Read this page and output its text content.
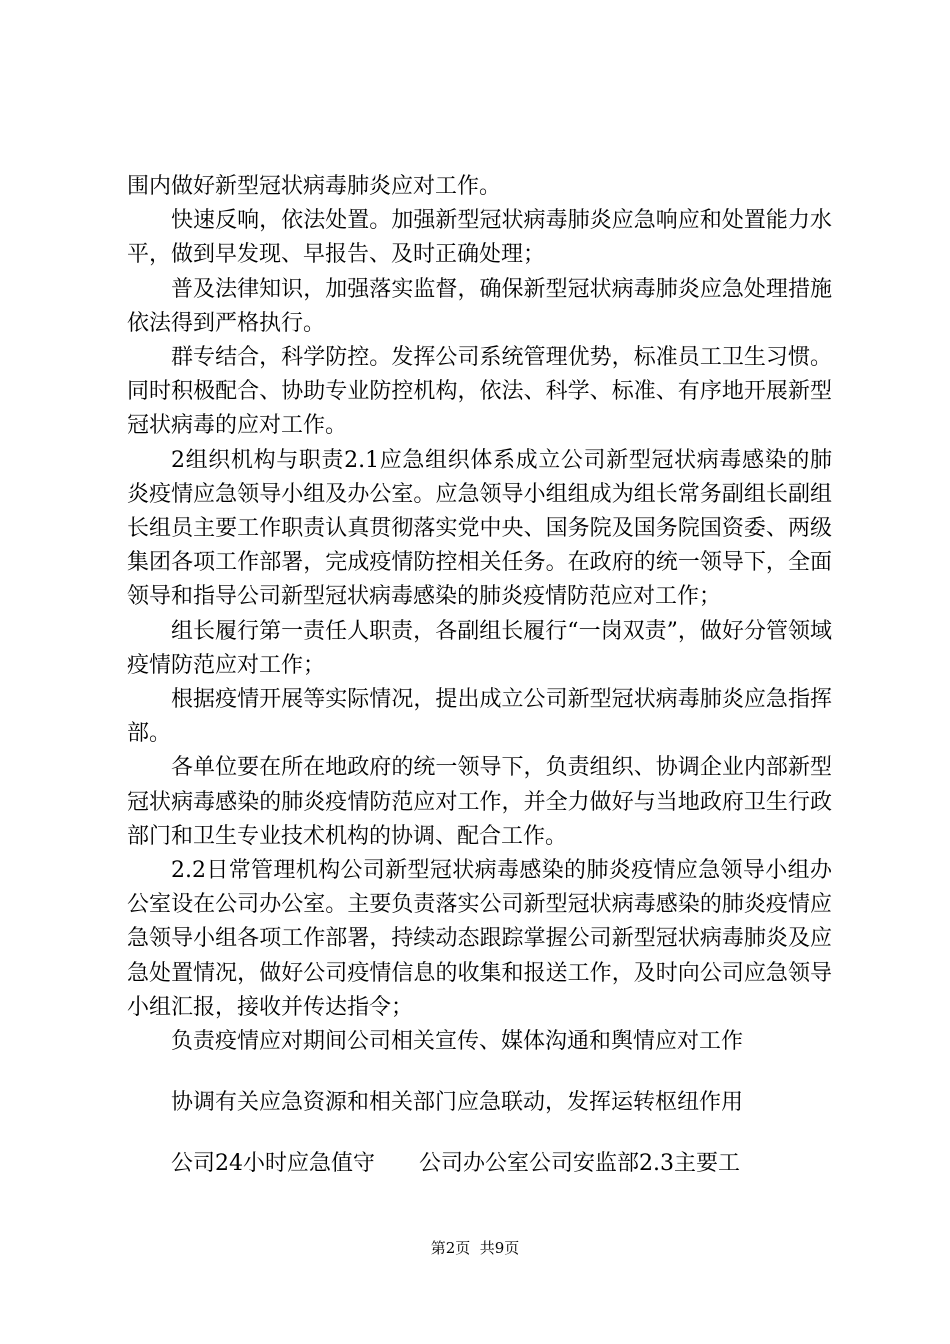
围内做好新型冠状病毒肺炎应对工作。

快速反响，依法处置。加强新型冠状病毒肺炎应急响应和处置能力水平，做到早发现、早报告、及时正确处理；

普及法律知识，加强落实监督，确保新型冠状病毒肺炎应急处理措施依法得到严格执行。

群专结合，科学防控。发挥公司系统管理优势，标准员工卫生习惯。同时积极配合、协助专业防控机构，依法、科学、标准、有序地开展新型冠状病毒的应对工作。

2组织机构与职责2.1应急组织体系成立公司新型冠状病毒感染的肺炎疫情应急领导小组及办公室。应急领导小组组成为组长常务副组长副组长组员主要工作职责认真贯彻落实党中央、国务院及国务院国资委、两级集团各项工作部署，完成疫情防控相关任务。在政府的统一领导下，全面领导和指导公司新型冠状病毒感染的肺炎疫情防范应对工作；

组长履行第一责任人职责，各副组长履行“一岗双责”，做好分管领域疫情防范应对工作；

根据疫情开展等实际情况，提出成立公司新型冠状病毒肺炎应急指挥部。

各单位要在所在地政府的统一领导下，负责组织、协调企业内部新型冠状病毒感染的肺炎疫情防范应对工作，并全力做好与当地政府卫生行政部门和卫生专业技术机构的协调、配合工作。

2.2日常管理机构公司新型冠状病毒感染的肺炎疫情应急领导小组办公室设在公司办公室。主要负责落实公司新型冠状病毒感染的肺炎疫情应急领导小组各项工作部署，持续动态跟踪掌握公司新型冠状病毒肺炎及应急处置情况，做好公司疫情信息的收集和报送工作，及时向公司应急领导小组汇报，接收并传达指令；

负责疫情应对期间公司相关宣传、媒体沟通和舆情应对工作

协调有关应急资源和相关部门应急联动，发挥运转枢纽作用

公司24小时应急值守 公司办公室公司安监部2.3主要工

第2页  共9页
